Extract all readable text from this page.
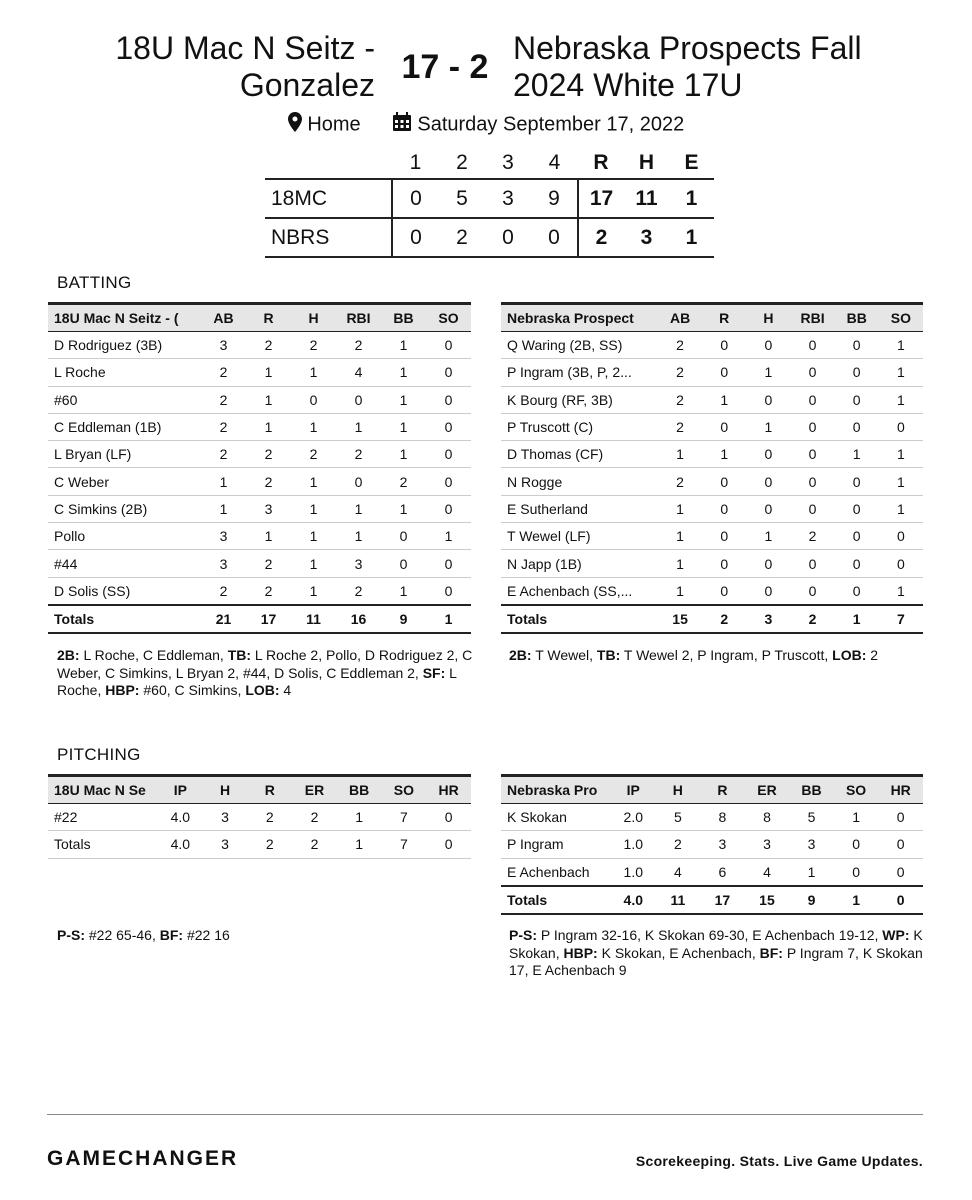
18U Mac N Seitz - Gonzalez 17 - 2 Nebraska Prospects Fall 2024 White 17U
Home	Saturday September 17, 2022
	1	2	3	4	R	H	E
18MC	0	5	3	9	17	11	1
NBRS	0	2	0	0	2	3	1
BATTING
18U Mac N Seitz - (	AB	R	H	RBI	BB	SO
D Rodriguez (3B)	3	2	2	2	1	0
L Roche	2	1	1	4	1	0
#60	2	1	0	0	1	0
C Eddleman (1B)	2	1	1	1	1	0
L Bryan (LF)	2	2	2	2	1	0
C Weber	1	2	1	0	2	0
C Simkins (2B)	1	3	1	1	1	0
Pollo	3	1	1	1	0	1
#44	3	2	1	3	0	0
D Solis (SS)	2	2	1	2	1	0
Totals	21	17	11	16	9	1
Nebraska Prospect	AB	R	H	RBI	BB	SO
Q Waring (2B, SS)	2	0	0	0	0	1
P Ingram (3B, P, 2...	2	0	1	0	0	1
K Bourg (RF, 3B)	2	1	0	0	0	1
P Truscott (C)	2	0	1	0	0	0
D Thomas (CF)	1	1	0	0	1	1
N Rogge	2	0	0	0	0	1
E Sutherland	1	0	0	0	0	1
T Wewel (LF)	1	0	1	2	0	0
N Japp (1B)	1	0	0	0	0	0
E Achenbach (SS,...	1	0	0	0	0	1
Totals	15	2	3	2	1	7
2B: L Roche, C Eddleman, TB: L Roche 2, Pollo, D Rodriguez 2, C Weber, C Simkins, L Bryan 2, #44, D Solis, C Eddleman 2, SF: L Roche, HBP: #60, C Simkins, LOB: 4
2B: T Wewel, TB: T Wewel 2, P Ingram, P Truscott, LOB: 2
PITCHING
18U Mac N Se	IP	H	R	ER	BB	SO	HR
#22	4.0	3	2	2	1	7	0
Totals	4.0	3	2	2	1	7	0
Nebraska Pro	IP	H	R	ER	BB	SO	HR
K Skokan	2.0	5	8	8	5	1	0
P Ingram	1.0	2	3	3	3	0	0
E Achenbach	1.0	4	6	4	1	0	0
Totals	4.0	11	17	15	9	1	0
P-S: #22 65-46, BF: #22 16	P-S: P Ingram 32-16, K Skokan 69-30, E Achenbach 19-12, WP: K Skokan, HBP: K Skokan, E Achenbach, BF: P Ingram 7, K Skokan 17, E Achenbach 9
GAMECHANGER	Scorekeeping. Stats. Live Game Updates.
